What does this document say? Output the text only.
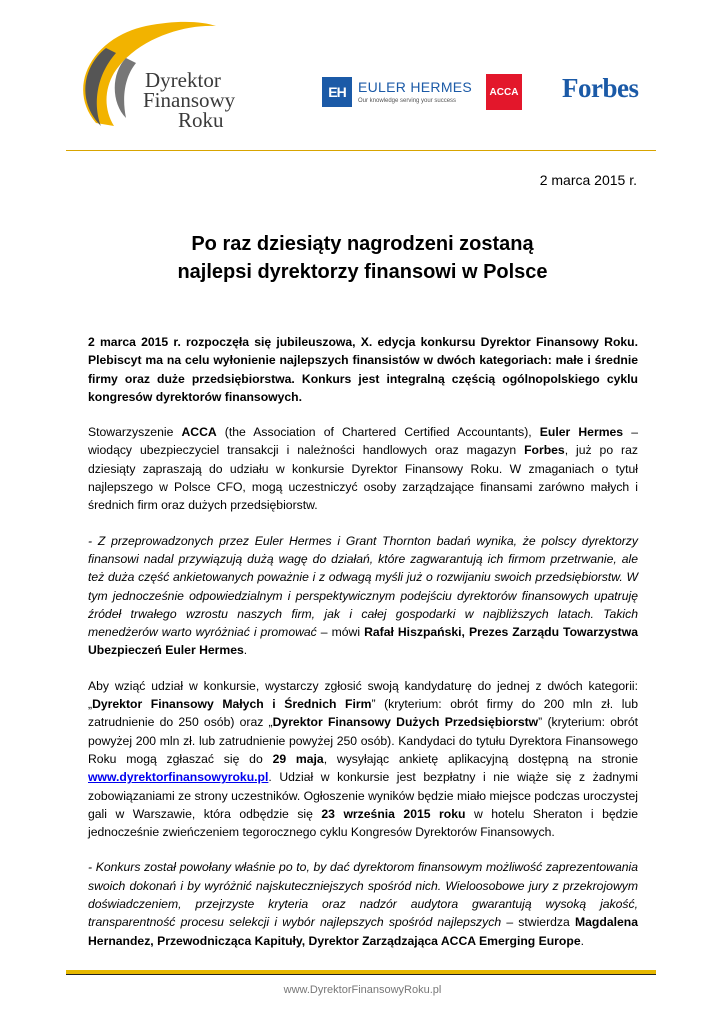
Dyrektor
Finansowy
Roku
EH EULER HERMES
Our knowledge serving your success
ACCA Forbes
2 marca 2015 r.
Po raz dziesiąty nagrodzeni zostaną
najlepsi dyrektorzy finansowi w Polsce

2 marca 2015 r. rozpoczęła się jubileuszowa, X. edycja konkursu Dyrektor Finansowy Roku. Plebiscyt ma na celu wyłonienie najlepszych finansistów w dwóch kategoriach: małe i średnie firmy oraz duże przedsiębiorstwa. Konkurs jest integralną częścią ogólnopolskiego cyklu kongresów dyrektorów finansowych.

Stowarzyszenie ACCA (the Association of Chartered Certified Accountants), Euler Hermes – wiodący ubezpieczyciel transakcji i należności handlowych oraz magazyn Forbes, już po raz dziesiąty zapraszają do udziału w konkursie Dyrektor Finansowy Roku. W zmaganiach o tytuł najlepszego w Polsce CFO, mogą uczestniczyć osoby zarządzające finansami zarówno małych i średnich firm oraz dużych przedsiębiorstw.

- Z przeprowadzonych przez Euler Hermes i Grant Thornton badań wynika, że polscy dyrektorzy finansowi nadal przywiązują dużą wagę do działań, które zagwarantują ich firmom przetrwanie, ale też duża część ankietowanych poważnie i z odwagą myśli już o rozwijaniu swoich przedsiębiorstw. W tym jednocześnie odpowiedzialnym i perspektywicznym podejściu dyrektorów finansowych upatruję źródeł trwałego wzrostu naszych firm, jak i całej gospodarki w najbliższych latach. Takich menedżerów warto wyróżniać i promować – mówi Rafał Hiszpański, Prezes Zarządu Towarzystwa Ubezpieczeń Euler Hermes.

Aby wziąć udział w konkursie, wystarczy zgłosić swoją kandydaturę do jednej z dwóch kategorii: „Dyrektor Finansowy Małych i Średnich Firm” (kryterium: obrót firmy do 200 mln zł. lub zatrudnienie do 250 osób) oraz „Dyrektor Finansowy Dużych Przedsiębiorstw” (kryterium: obrót powyżej 200 mln zł. lub zatrudnienie powyżej 250 osób). Kandydaci do tytułu Dyrektora Finansowego Roku mogą zgłaszać się do 29 maja, wysyłając ankietę aplikacyjną dostępną na stronie www.dyrektorfinansowyroku.pl. Udział w konkursie jest bezpłatny i nie wiąże się z żadnymi zobowiązaniami ze strony uczestników. Ogłoszenie wyników będzie miało miejsce podczas uroczystej gali w Warszawie, która odbędzie się 23 września 2015 roku w hotelu Sheraton i będzie jednocześnie zwieńczeniem tegorocznego cyklu Kongresów Dyrektorów Finansowych.

- Konkurs został powołany właśnie po to, by dać dyrektorom finansowym możliwość zaprezentowania swoich dokonań i by wyróżnić najskuteczniejszych spośród nich. Wieloosobowe jury z przekrojowym doświadczeniem, przejrzyste kryteria oraz nadzór audytora gwarantują wysoką jakość, transparentność procesu selekcji i wybór najlepszych spośród najlepszych – stwierdza Magdalena Hernandez, Przewodnicząca Kapituły, Dyrektor Zarządzająca ACCA Emerging Europe.

www.DyrektorFinansowyRoku.pl
